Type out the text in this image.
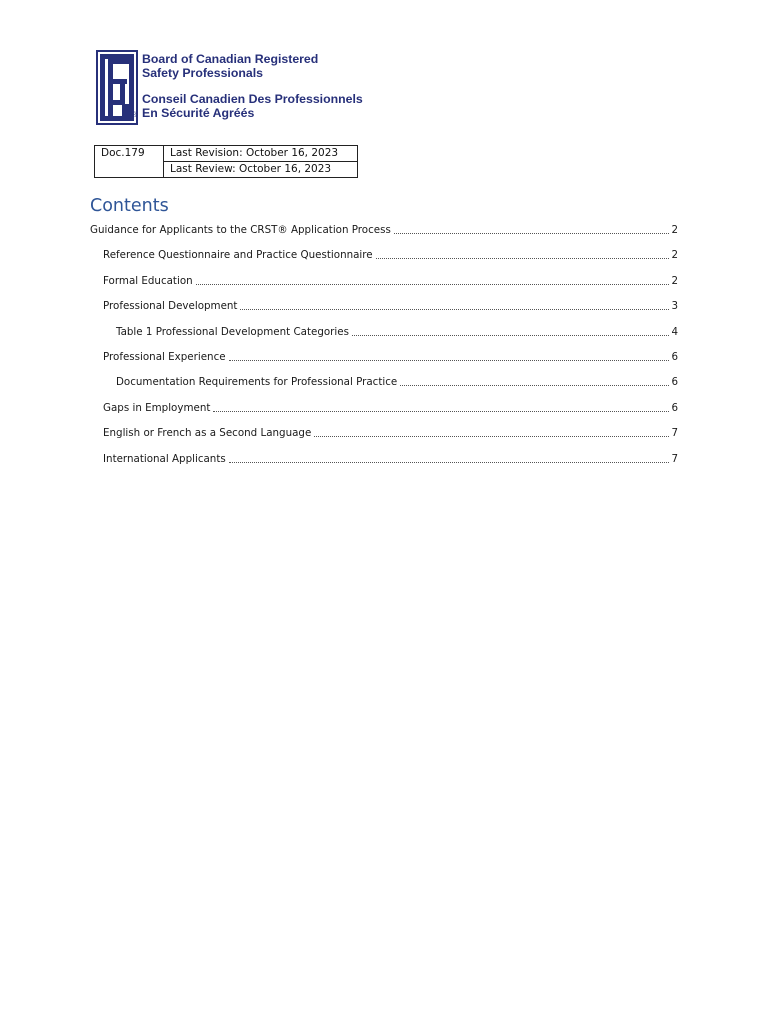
®
Board of Canadian Registered
Safety Professionals
Conseil Canadien Des Professionnels
En Sécurité Agréés
Doc.179	Last Revision: October 16, 2023
Last Review: October 16, 2023
Contents
Guidance for Applicants to the CRST® Application Process	2
Reference Questionnaire and Practice Questionnaire	2
Formal Education	2
Professional Development	3
Table 1 Professional Development Categories	4
Professional Experience	6
Documentation Requirements for Professional Practice	6
Gaps in Employment	6
English or French as a Second Language	7
International Applicants	7
